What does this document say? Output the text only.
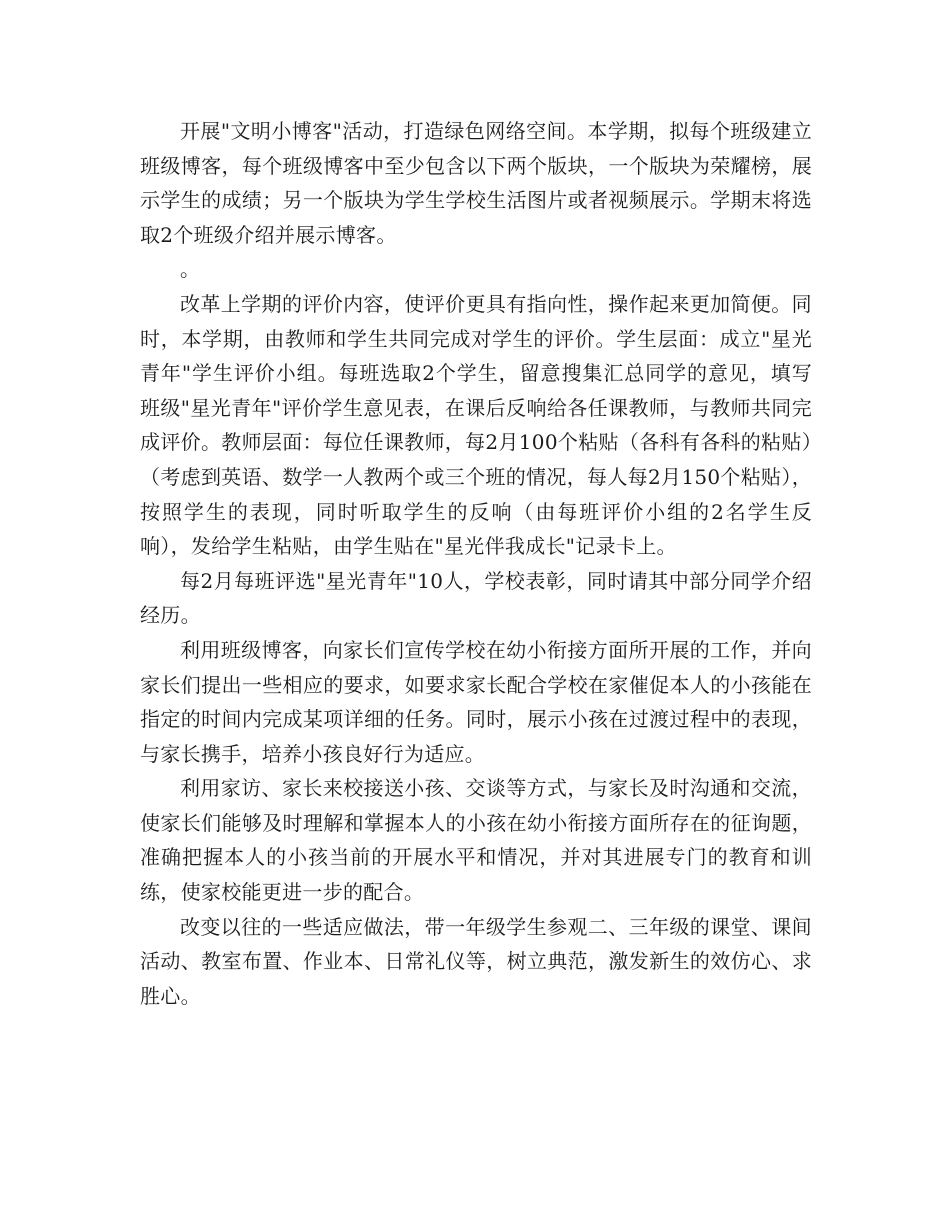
开展"文明小博客"活动，打造绿色网络空间。本学期，拟每个班级建立班级博客，每个班级博客中至少包含以下两个版块，一个版块为荣耀榜，展示学生的成绩；另一个版块为学生学校生活图片或者视频展示。学期末将选取2个班级介绍并展示博客。

。

改革上学期的评价内容，使评价更具有指向性，操作起来更加简便。同时，本学期，由教师和学生共同完成对学生的评价。学生层面：成立"星光青年"学生评价小组。每班选取2个学生，留意搜集汇总同学的意见，填写班级"星光青年"评价学生意见表，在课后反响给各任课教师，与教师共同完成评价。教师层面：每位任课教师，每2月100个粘贴（各科有各科的粘贴）（考虑到英语、数学一人教两个或三个班的情况，每人每2月150个粘贴），按照学生的表现，同时听取学生的反响（由每班评价小组的2名学生反响），发给学生粘贴，由学生贴在"星光伴我成长"记录卡上。

每2月每班评选"星光青年"10人，学校表彰，同时请其中部分同学介绍经历。

利用班级博客，向家长们宣传学校在幼小衔接方面所开展的工作，并向家长们提出一些相应的要求，如要求家长配合学校在家催促本人的小孩能在指定的时间内完成某项详细的任务。同时，展示小孩在过渡过程中的表现，与家长携手，培养小孩良好行为适应。

利用家访、家长来校接送小孩、交谈等方式，与家长及时沟通和交流，使家长们能够及时理解和掌握本人的小孩在幼小衔接方面所存在的征询题，准确把握本人的小孩当前的开展水平和情况，并对其进展专门的教育和训练，使家校能更进一步的配合。

改变以往的一些适应做法，带一年级学生参观二、三年级的课堂、课间活动、教室布置、作业本、日常礼仪等，树立典范，激发新生的效仿心、求胜心。
